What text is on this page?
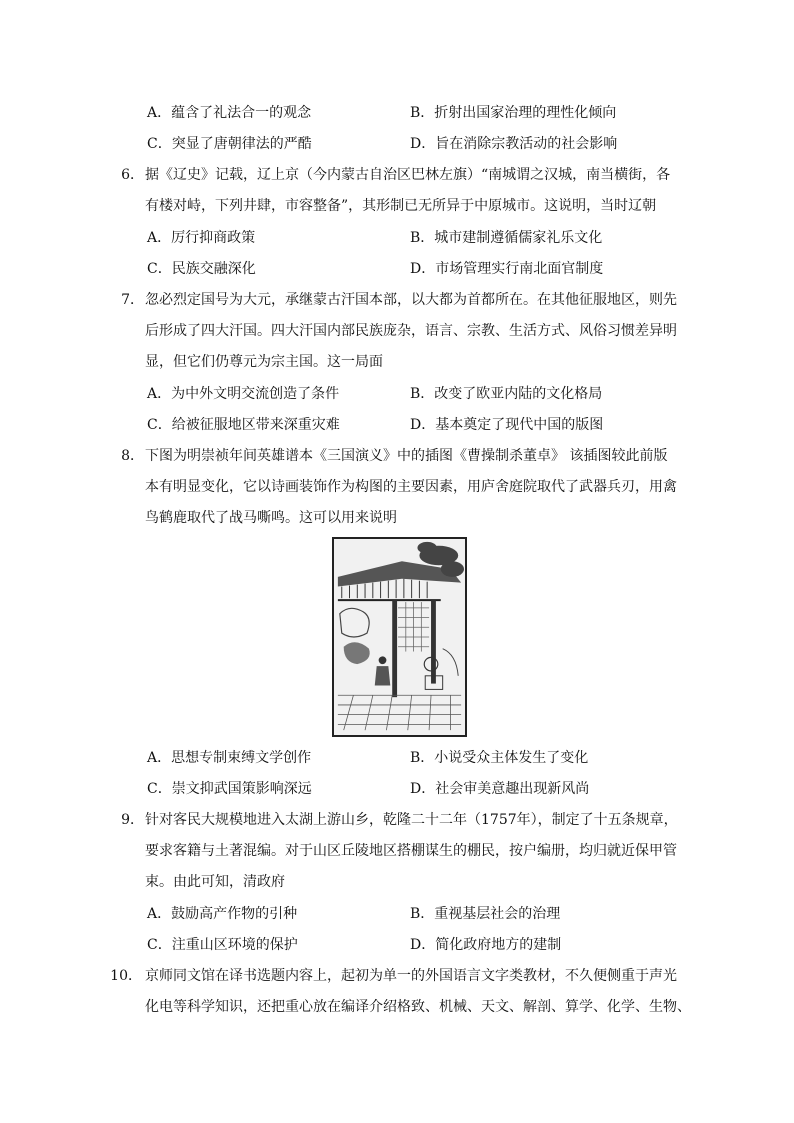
A．蕴含了礼法合一的观念	B．折射出国家治理的理性化倾向
C．突显了唐朝律法的严酷	D．旨在消除宗教活动的社会影响
6． 据《辽史》记载，辽上京（今内蒙古自治区巴林左旗）“南城谓之汉城，南当横街，各
有楼对峙，下列井肆，市容整备”，其形制已无所异于中原城市。这说明，当时辽朝
A．厉行抑商政策	B．城市建制遵循儒家礼乐文化
C．民族交融深化	D．市场管理实行南北面官制度
7． 忽必烈定国号为大元，承继蒙古汗国本部，以大都为首都所在。在其他征服地区，则先
后形成了四大汗国。四大汗国内部民族庞杂，语言、宗教、生活方式、风俗习惯差异明
显，但它们仍尊元为宗主国。这一局面
A．为中外文明交流创造了条件	B．改变了欧亚内陆的文化格局
C．给被征服地区带来深重灾难	D．基本奠定了现代中国的版图
8． 下图为明崇祯年间英雄谱本《三国演义》中的插图《曹操制杀董卓》 该插图较此前版
本有明显变化，它以诗画装饰作为构图的主要因素，用庐舍庭院取代了武器兵刃，用禽
鸟鹤鹿取代了战马嘶鸣。这可以用来说明
A．思想专制束缚文学创作	B．小说受众主体发生了变化
C．崇文抑武国策影响深远	D．社会审美意趣出现新风尚
9． 针对客民大规模地进入太湖上游山乡，乾隆二十二年（1757年），制定了十五条规章，
要求客籍与土著混编。对于山区丘陵地区搭棚谋生的棚民，按户编册，均归就近保甲管
束。由此可知，清政府
A．鼓励高产作物的引种	B．重视基层社会的治理
C．注重山区环境的保护	D．简化政府地方的建制
10． 京师同文馆在译书选题内容上，起初为单一的外国语言文字类教材，不久便侧重于声光
化电等科学知识，还把重心放在编译介绍格致、机械、天文、解剖、算学、化学、生物、
